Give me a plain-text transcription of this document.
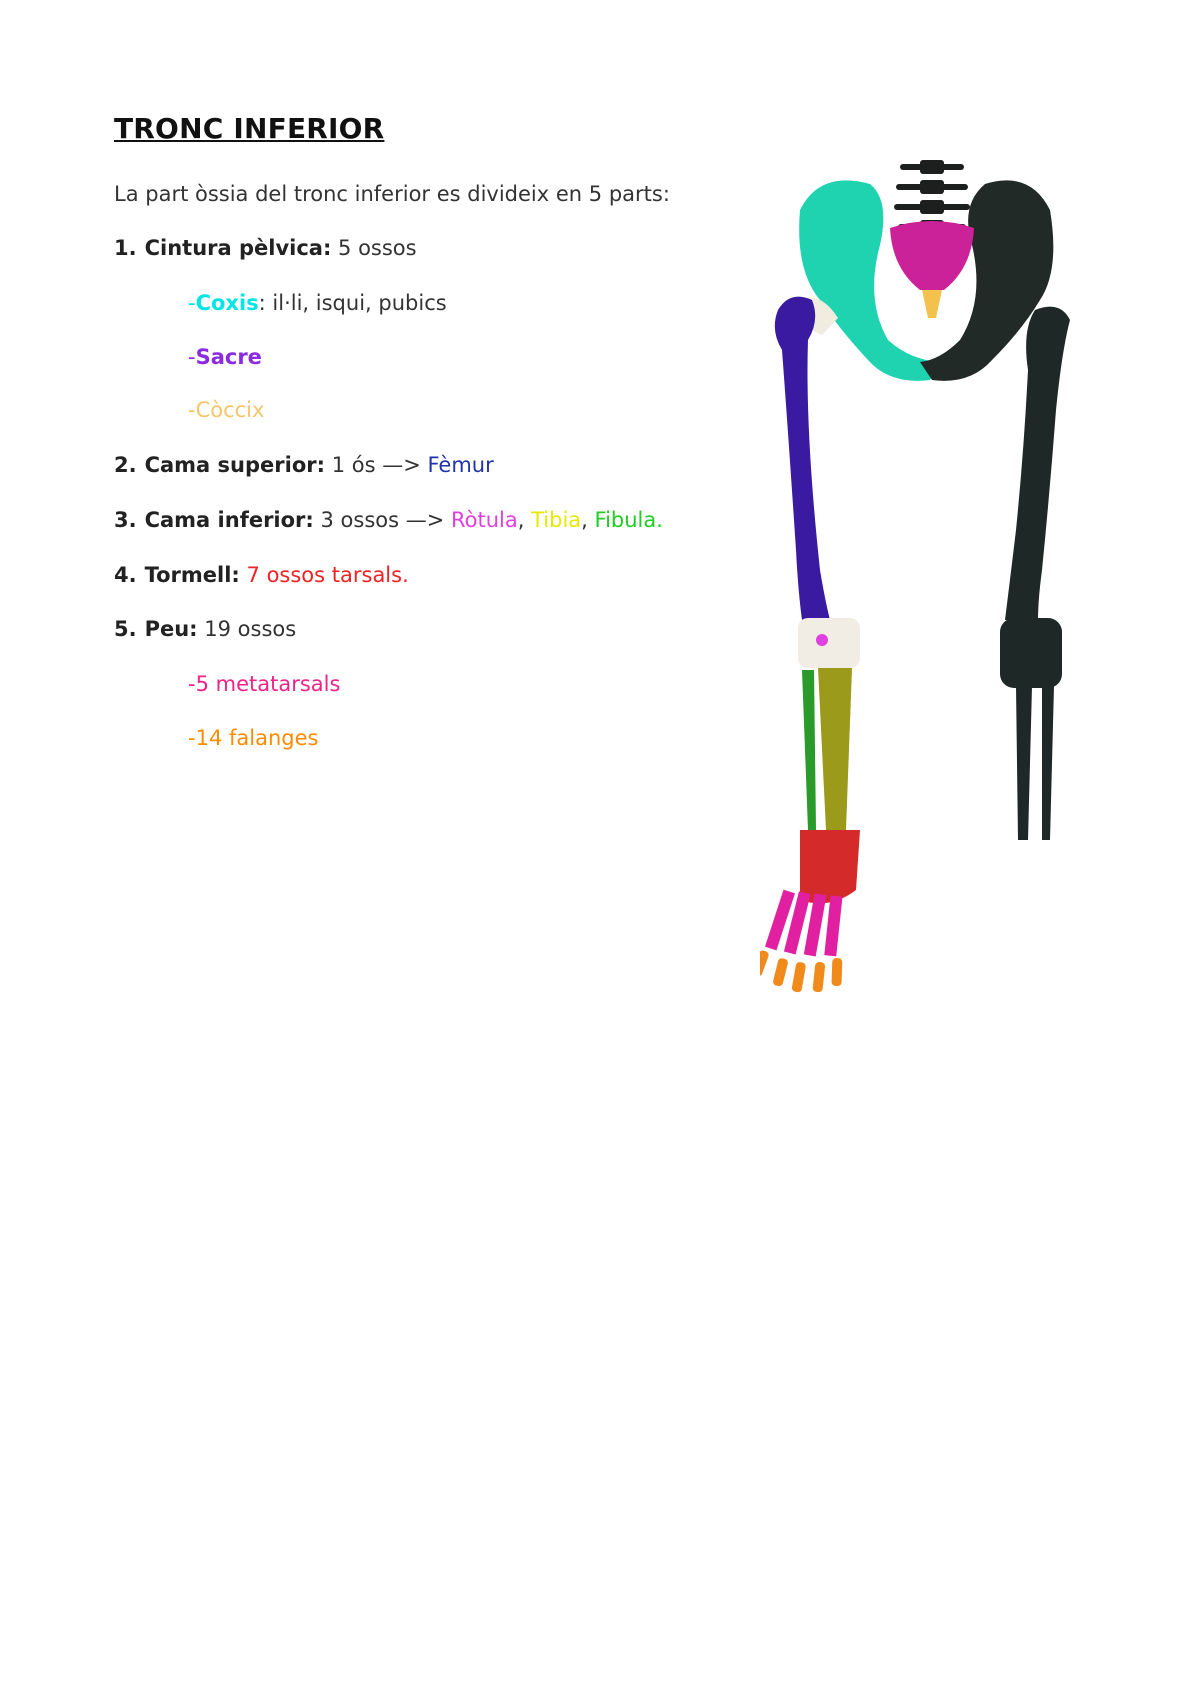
TRONC INFERIOR
La part òssia del tronc inferior es divideix en 5 parts:
1. Cintura pèlvica: 5 ossos
-Coxis: il·li, isqui, pubics
-Sacre
-Còccix
2. Cama superior: 1 ós —> Fèmur
3. Cama inferior: 3 ossos —> Ròtula, Tibia, Fibula.
4. Tormell: 7 ossos tarsals.
5. Peu: 19 ossos
-5 metatarsals
-14 falanges
